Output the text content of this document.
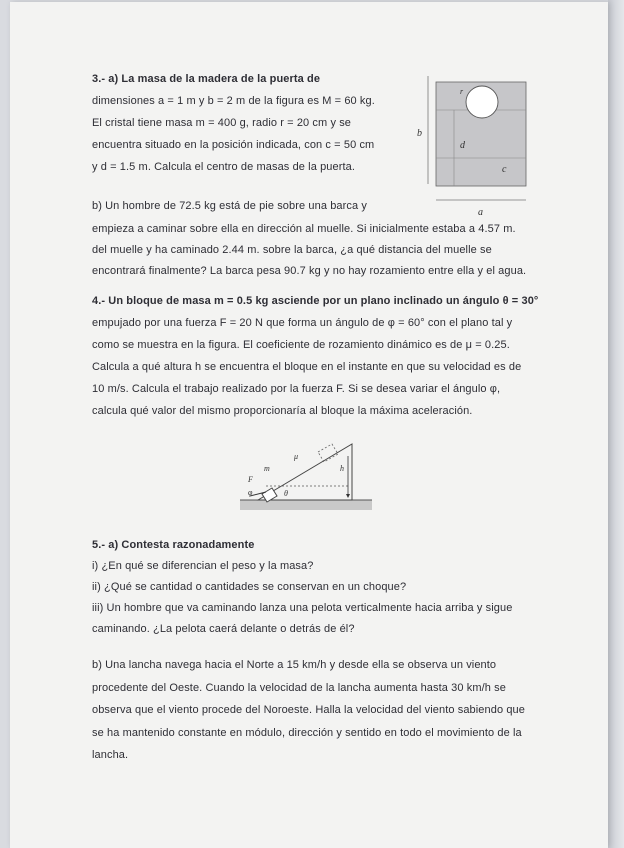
3.- a) La masa de la madera de la puerta de
dimensiones a = 1 m y b = 2 m de la figura es M = 60 kg.
El cristal tiene masa m = 400 g, radio r = 20 cm y se
encuentra situado en la posición indicada, con c = 50 cm
y d = 1.5 m. Calcula el centro de masas de la puerta.
r
b
d
c
a
b) Un hombre de 72.5 kg está de pie sobre una barca y
empieza a caminar sobre ella en dirección al muelle. Si inicialmente estaba a 4.57 m.
del muelle y ha caminado 2.44 m. sobre la barca, ¿a qué distancia del muelle se
encontrará finalmente? La barca pesa 90.7 kg y no hay rozamiento entre ella y el agua.
4.- Un bloque de masa m = 0.5 kg asciende por un plano inclinado un ángulo θ = 30°
empujado por una fuerza F = 20 N que forma un ángulo de φ = 60° con el plano tal y
como se muestra en la figura. El coeficiente de rozamiento dinámico es de μ = 0.25.
Calcula a qué altura h se encuentra el bloque en el instante en que su velocidad es de
10 m/s. Calcula el trabajo realizado por la fuerza F. Si se desea variar el ángulo φ,
calcula qué valor del mismo proporcionaría al bloque la máxima aceleración.
m
μ
h
F
φ	θ
5.- a) Contesta razonadamente
i) ¿En qué se diferencian el peso y la masa?
ii) ¿Qué se cantidad o cantidades se conservan en un choque?
iii) Un hombre que va caminando lanza una pelota verticalmente hacia arriba y sigue
caminando. ¿La pelota caerá delante o detrás de él?
b) Una lancha navega hacia el Norte a 15 km/h y desde ella se observa un viento
procedente del Oeste. Cuando la velocidad de la lancha aumenta hasta 30 km/h se
observa que el viento procede del Noroeste. Halla la velocidad del viento sabiendo que
se ha mantenido constante en módulo, dirección y sentido en todo el movimiento de la
lancha.
